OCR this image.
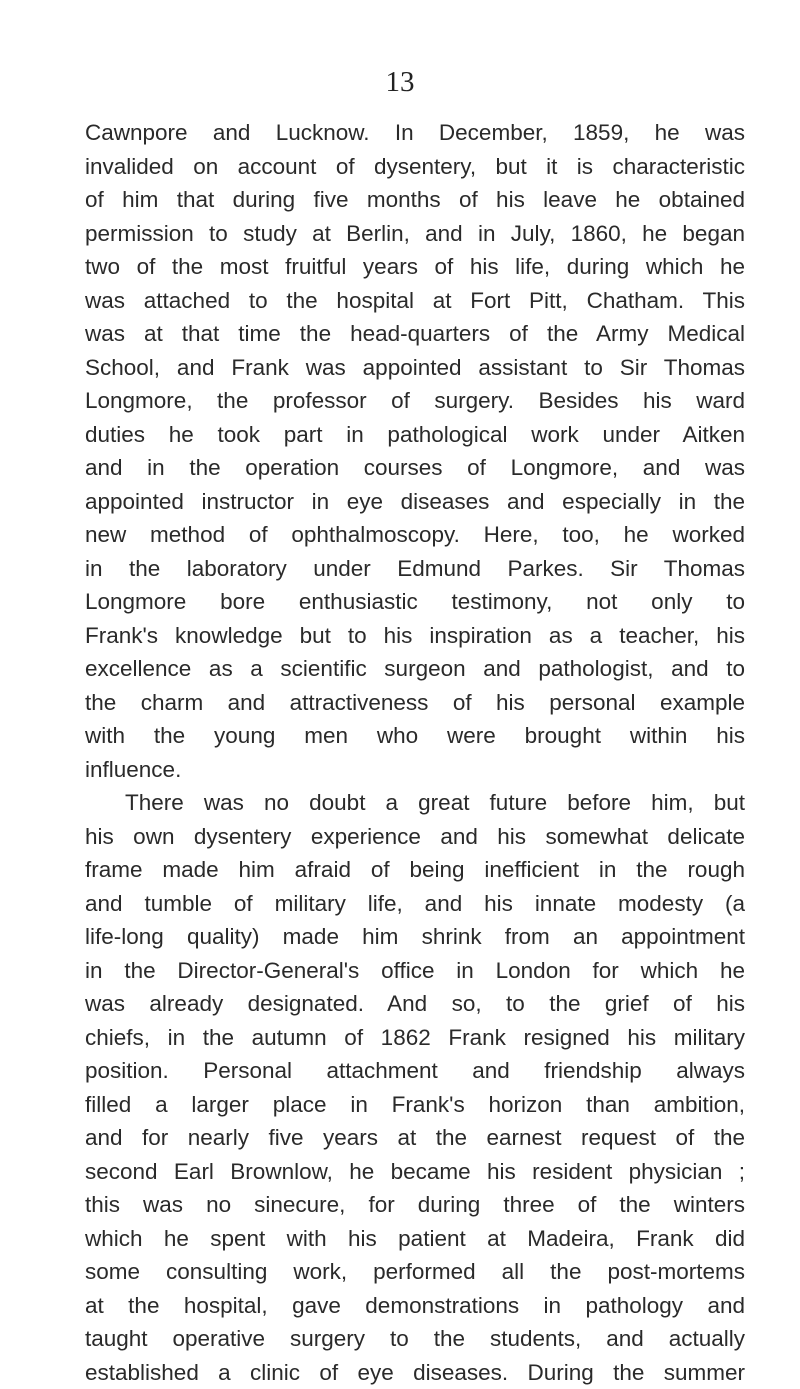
13
Cawnpore and Lucknow. In December, 1859, he was
invalided on account of dysentery, but it is characteristic
of him that during five months of his leave he obtained
permission to study at Berlin, and in July, 1860, he began
two of the most fruitful years of his life, during which he
was attached to the hospital at Fort Pitt, Chatham. This
was at that time the head-quarters of the Army Medical
School, and Frank was appointed assistant to Sir Thomas
Longmore, the professor of surgery. Besides his ward
duties he took part in pathological work under Aitken
and in the operation courses of Longmore, and was
appointed instructor in eye diseases and especially in the
new method of ophthalmoscopy. Here, too, he worked
in the laboratory under Edmund Parkes. Sir Thomas
Longmore bore enthusiastic testimony, not only to
Frank's knowledge but to his inspiration as a teacher, his
excellence as a scientific surgeon and pathologist, and to
the charm and attractiveness of his personal example
with the young men who were brought within his
influence.
There was no doubt a great future before him, but
his own dysentery experience and his somewhat delicate
frame made him afraid of being inefficient in the rough
and tumble of military life, and his innate modesty (a
life-long quality) made him shrink from an appointment
in the Director-General's office in London for which he
was already designated. And so, to the grief of his
chiefs, in the autumn of 1862 Frank resigned his military
position. Personal attachment and friendship always
filled a larger place in Frank's horizon than ambition,
and for nearly five years at the earnest request of the
second Earl Brownlow, he became his resident physician ;
this was no sinecure, for during three of the winters
which he spent with his patient at Madeira, Frank did
some consulting work, performed all the post-mortems
at the hospital, gave demonstrations in pathology and
taught operative surgery to the students, and actually
established a clinic of eye diseases. During the summer
